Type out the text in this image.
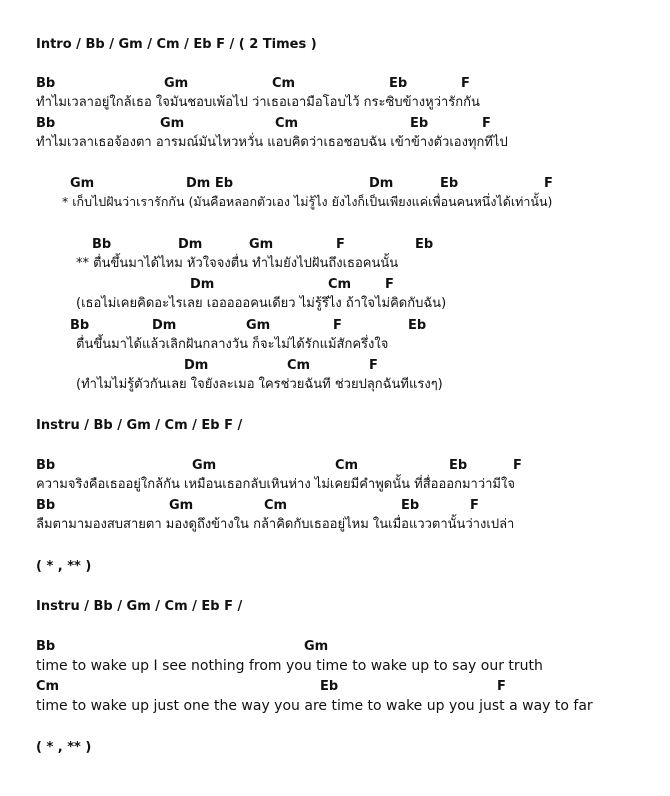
Intro / Bb / Gm / Cm / Eb F / ( 2 Times )
Bb	Gm	Cm	Eb	F
ทำไมเวลาอยู่ใกล้เธอ ใจมันชอบเพ้อไป ว่าเธอเอามือโอบไว้ กระซิบข้างหูว่ารักกัน
Bb	Gm	Cm	Eb	F
ทำไมเวลาเธอจ้องตา อารมณ์มันไหวหวั่น แอบคิดว่าเธอชอบฉัน เข้าข้างตัวเองทุกทีไป
Gm	Dm Eb	Dm	Eb	F
* เก็บไปฝันว่าเรารักกัน (มันคือหลอกตัวเอง ไม่รู้ไง ยังไงก็เป็นเพียงแค่เพื่อนคนหนึ่งได้เท่านั้น)
Bb	Dm	Gm	F	Eb
** ตื่นขึ้นมาได้ไหม หัวใจจงตื่น ทำไมยังไปฝันถึงเธอคนนั้น
Dm	Cm	F
(เธอไม่เคยคิดอะไรเลย เอออออคนเดียว ไม่รู้รึไง ถ้าใจไม่คิดกับฉัน)
Bb	Dm	Gm	F	Eb
ตื่นขึ้นมาได้แล้วเลิกฝันกลางวัน ก็จะไม่ได้รักแม้สักครึ่งใจ
Dm	Cm	F
(ทำไมไม่รู้ตัวกันเลย ใจยังละเมอ ใครช่วยฉันที ช่วยปลุกฉันทีแรงๆ)
Instru / Bb / Gm / Cm / Eb F /
Bb	Gm	Cm	Eb	F
ความจริงคือเธออยู่ใกล้กัน เหมือนเธอกลับเหินห่าง ไม่เคยมีคำพูดนั้น ที่สื่อออกมาว่ามีใจ
Bb	Gm	Cm	Eb	F
ลืมตามามองสบสายตา มองดูถึงข้างใน กล้าคิดกับเธออยู่ไหม ในเมื่อแววตานั้นว่างเปล่า
( * , ** )
Instru / Bb / Gm / Cm / Eb F /
Bb	Gm
time to wake up I see nothing from you time to wake up to say our truth
Cm	Eb	F
time to wake up just one the way you are time to wake up you just a way to far
( * , ** )
